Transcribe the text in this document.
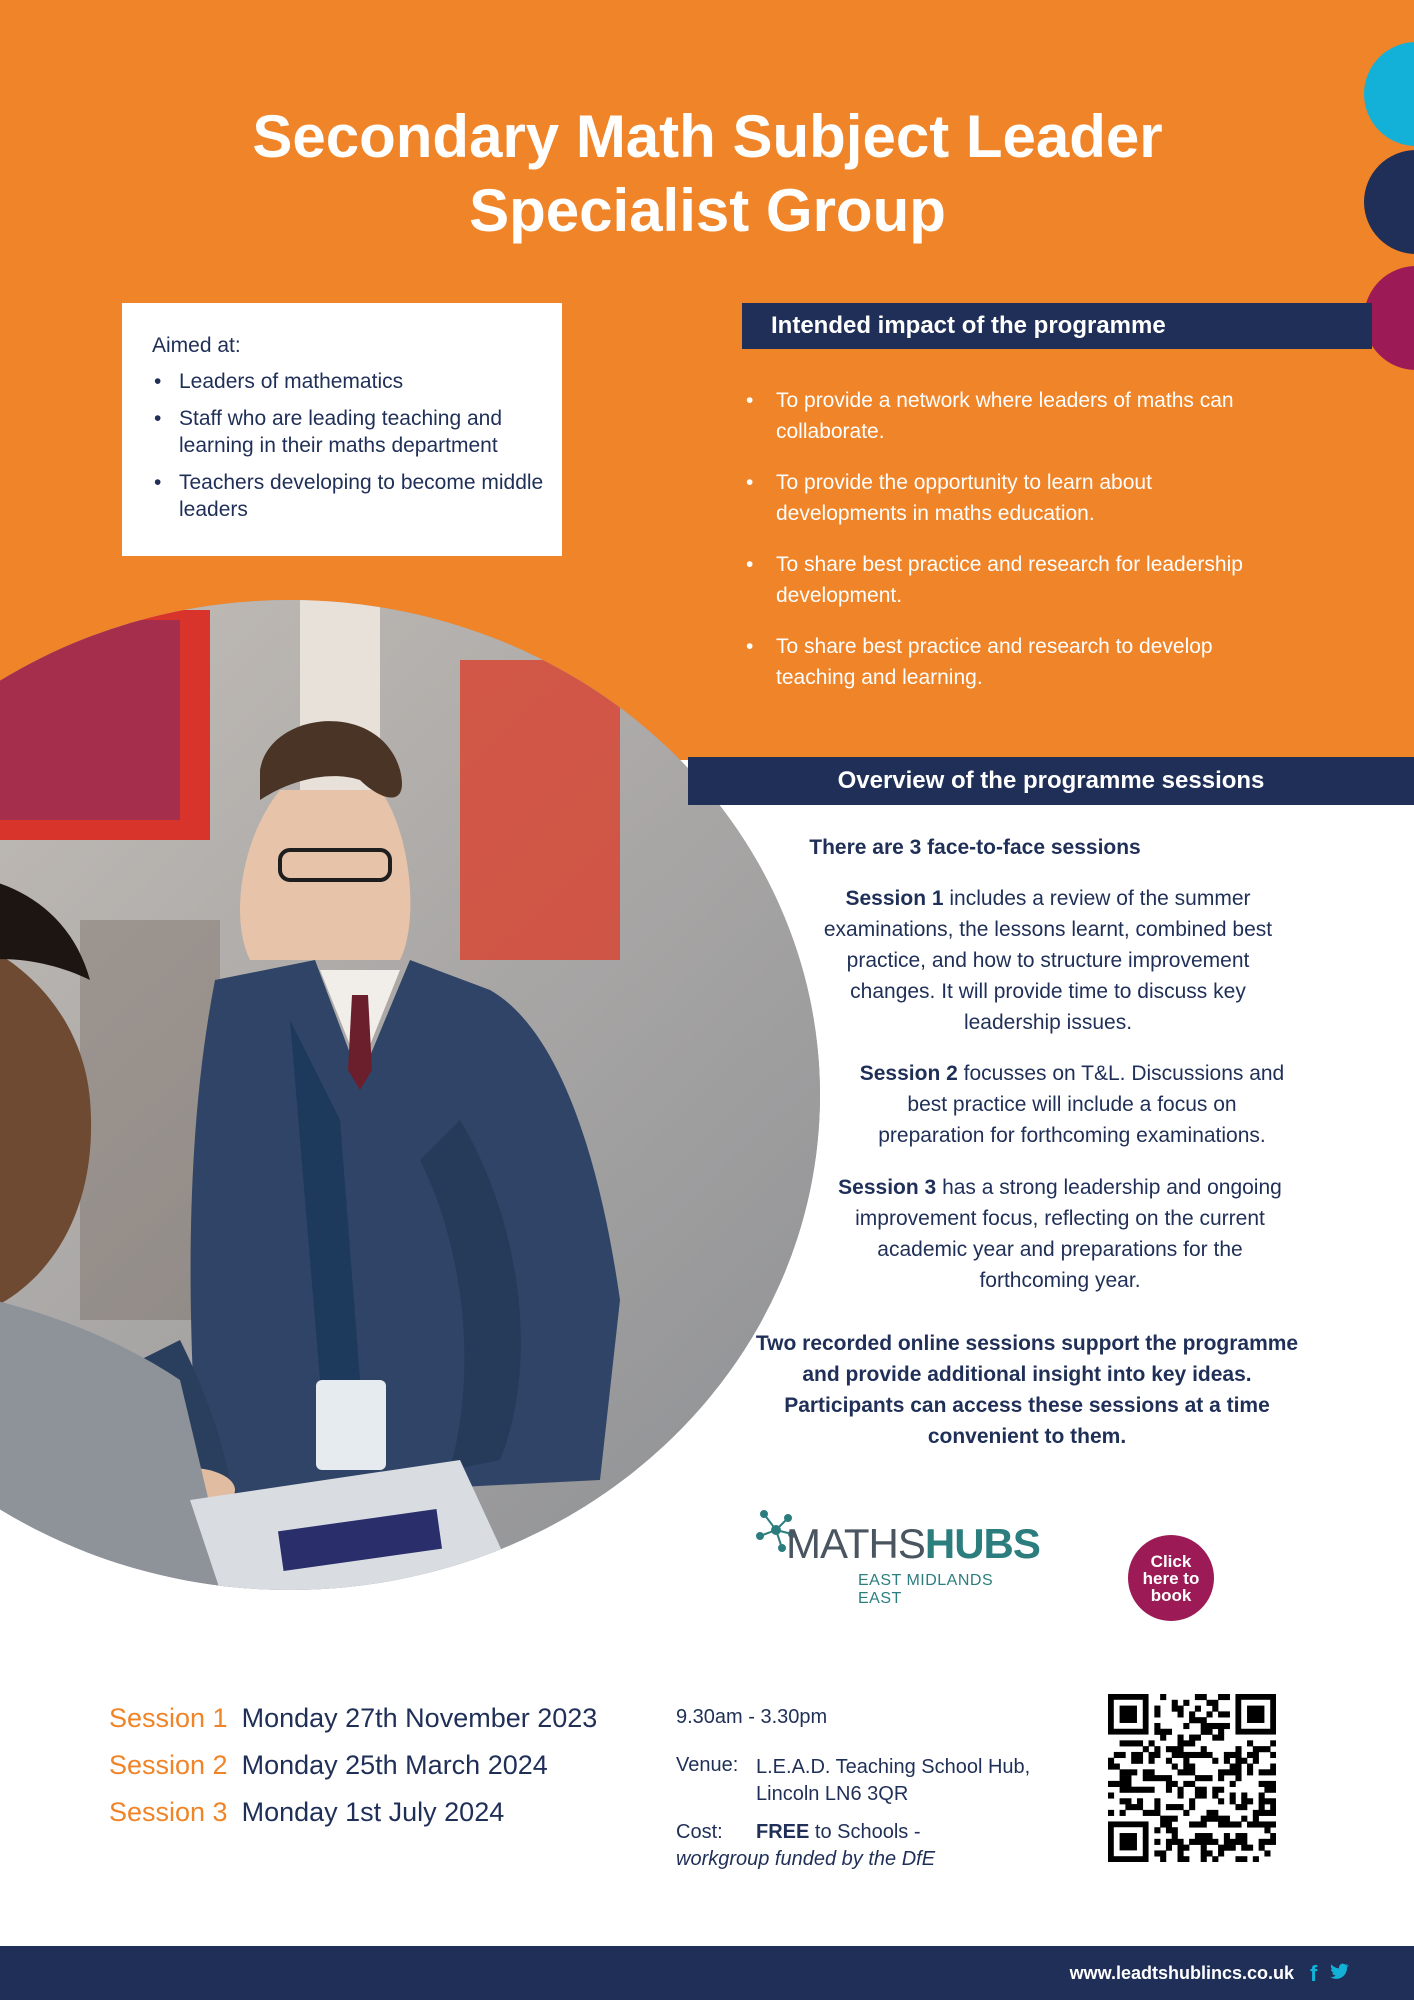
Secondary Math Subject Leader
Specialist Group
Aimed at:
• Leaders of mathematics
• Staff who are leading teaching and learning in their maths department
• Teachers developing to become middle leaders
Intended impact of the programme
• To provide a network where leaders of maths can collaborate.
• To provide the opportunity to learn about developments in maths education.
• To share best practice and research for leadership development.
• To share best practice and research to develop teaching and learning.
Overview of the programme sessions
There are 3 face-to-face sessions
Session 1 includes a review of the summer examinations, the lessons learnt, combined best practice, and how to structure improvement changes. It will provide time to discuss key leadership issues.
Session 2 focusses on T&L. Discussions and best practice will include a focus on preparation for forthcoming examinations.
Session 3 has a strong leadership and ongoing improvement focus, reflecting on the current academic year and preparations for the forthcoming year.
Two recorded online sessions support the programme and provide additional insight into key ideas. Participants can access these sessions at a time convenient to them.
MATHSHUBS
EAST MIDLANDS EAST
Click here to book
Session 1 Monday 27th November 2023
Session 2 Monday 25th March 2024
Session 3 Monday 1st July 2024
9.30am - 3.30pm
Venue: L.E.A.D. Teaching School Hub,
Lincoln LN6 3QR
Cost: FREE to Schools -
workgroup funded by the DfE
www.leadtshublincs.co.uk f
